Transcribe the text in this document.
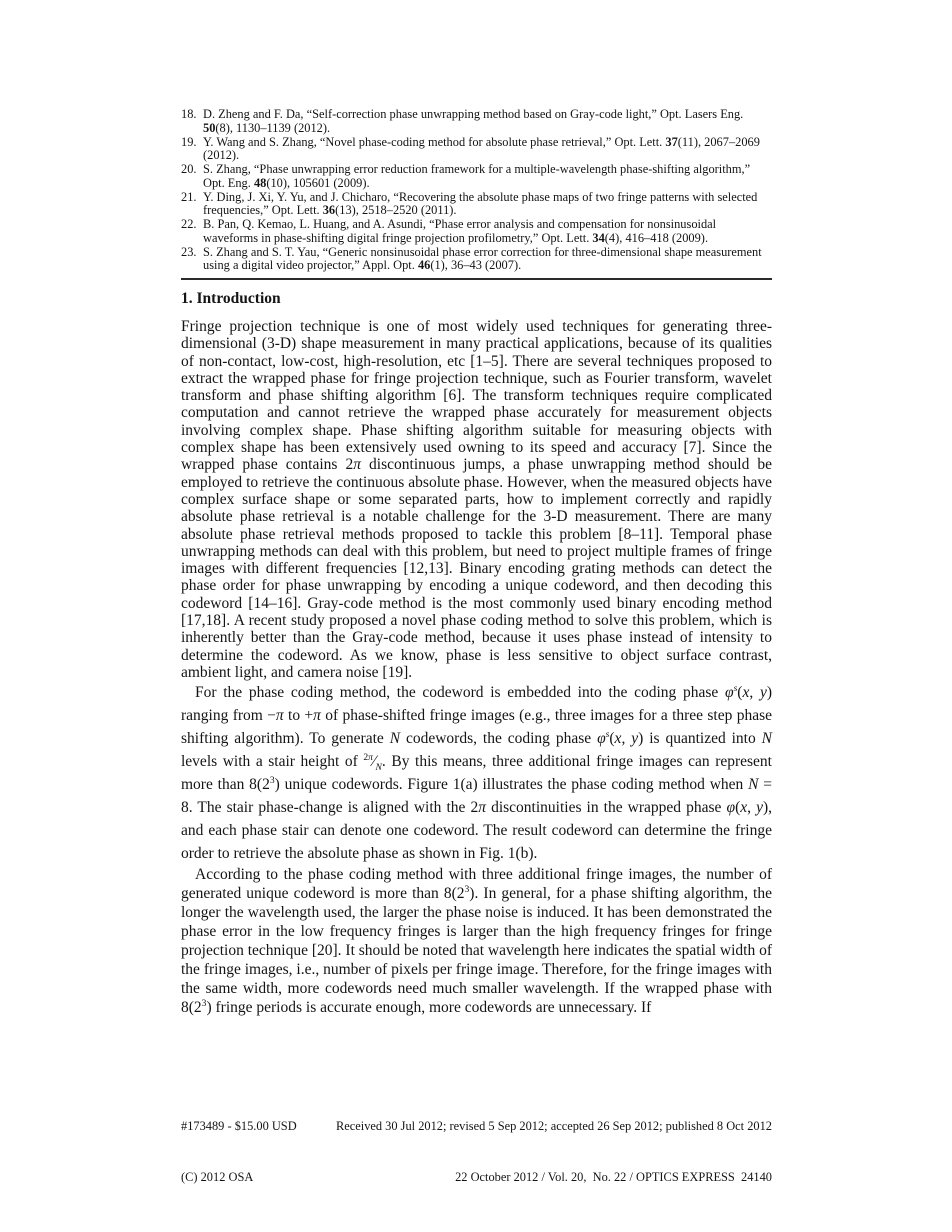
18. D. Zheng and F. Da, “Self-correction phase unwrapping method based on Gray-code light,” Opt. Lasers Eng. 50(8), 1130–1139 (2012).
19. Y. Wang and S. Zhang, “Novel phase-coding method for absolute phase retrieval,” Opt. Lett. 37(11), 2067–2069 (2012).
20. S. Zhang, “Phase unwrapping error reduction framework for a multiple-wavelength phase-shifting algorithm,” Opt. Eng. 48(10), 105601 (2009).
21. Y. Ding, J. Xi, Y. Yu, and J. Chicharo, “Recovering the absolute phase maps of two fringe patterns with selected frequencies,” Opt. Lett. 36(13), 2518–2520 (2011).
22. B. Pan, Q. Kemao, L. Huang, and A. Asundi, “Phase error analysis and compensation for nonsinusoidal waveforms in phase-shifting digital fringe projection profilometry,” Opt. Lett. 34(4), 416–418 (2009).
23. S. Zhang and S. T. Yau, “Generic nonsinusoidal phase error correction for three-dimensional shape measurement using a digital video projector,” Appl. Opt. 46(1), 36–43 (2007).
1. Introduction

Fringe projection technique is one of most widely used techniques for generating three-dimensional (3-D) shape measurement in many practical applications, because of its qualities of non-contact, low-cost, high-resolution, etc [1–5]. There are several techniques proposed to extract the wrapped phase for fringe projection technique, such as Fourier transform, wavelet transform and phase shifting algorithm [6]. The transform techniques require complicated computation and cannot retrieve the wrapped phase accurately for measurement objects involving complex shape. Phase shifting algorithm suitable for measuring objects with complex shape has been extensively used owning to its speed and accuracy [7]. Since the wrapped phase contains 2π discontinuous jumps, a phase unwrapping method should be employed to retrieve the continuous absolute phase. However, when the measured objects have complex surface shape or some separated parts, how to implement correctly and rapidly absolute phase retrieval is a notable challenge for the 3-D measurement. There are many absolute phase retrieval methods proposed to tackle this problem [8–11]. Temporal phase unwrapping methods can deal with this problem, but need to project multiple frames of fringe images with different frequencies [12,13]. Binary encoding grating methods can detect the phase order for phase unwrapping by encoding a unique codeword, and then decoding this codeword [14–16]. Gray-code method is the most commonly used binary encoding method [17,18]. A recent study proposed a novel phase coding method to solve this problem, which is inherently better than the Gray-code method, because it uses phase instead of intensity to determine the codeword. As we know, phase is less sensitive to object surface contrast, ambient light, and camera noise [19].

For the phase coding method, the codeword is embedded into the coding phase $\varphi^s(x$, y) ranging from −π to +π of phase-shifted fringe images (e.g., three images for a three step phase shifting algorithm). To generate N codewords, the coding phase $\varphi^s(x$, y) is quantized into N levels with a stair height of $^{2\pi}⁄_N$. By this means, three additional fringe images can represent more than $8(2^3)$ unique codewords. Figure 1(a) illustrates the phase coding method when N = 8. The stair phase-change is aligned with the 2π discontinuities in the wrapped phase φ(x, y), and each phase stair can denote one codeword. The result codeword can determine the fringe order to retrieve the absolute phase as shown in Fig. 1(b).

According to the phase coding method with three additional fringe images, the number of generated unique codeword is more than $8(2^3)$. In general, for a phase shifting algorithm, the longer the wavelength used, the larger the phase noise is induced. It has been demonstrated the phase error in the low frequency fringes is larger than the high frequency fringes for fringe projection technique [20]. It should be noted that wavelength here indicates the spatial width of the fringe images, i.e., number of pixels per fringe image. Therefore, for the fringe images with the same width, more codewords need much smaller wavelength. If the wrapped phase with $8(2^3)$ fringe periods is accurate enough, more codewords are unnecessary. If

#173489 - $15.00 USD

(C) 2012 OSA

Received 30 Jul 2012; revised 5 Sep 2012; accepted 26 Sep 2012; published 8 Oct 2012

22 October 2012 / Vol. 20,  No. 22 / OPTICS EXPRESS  24140
